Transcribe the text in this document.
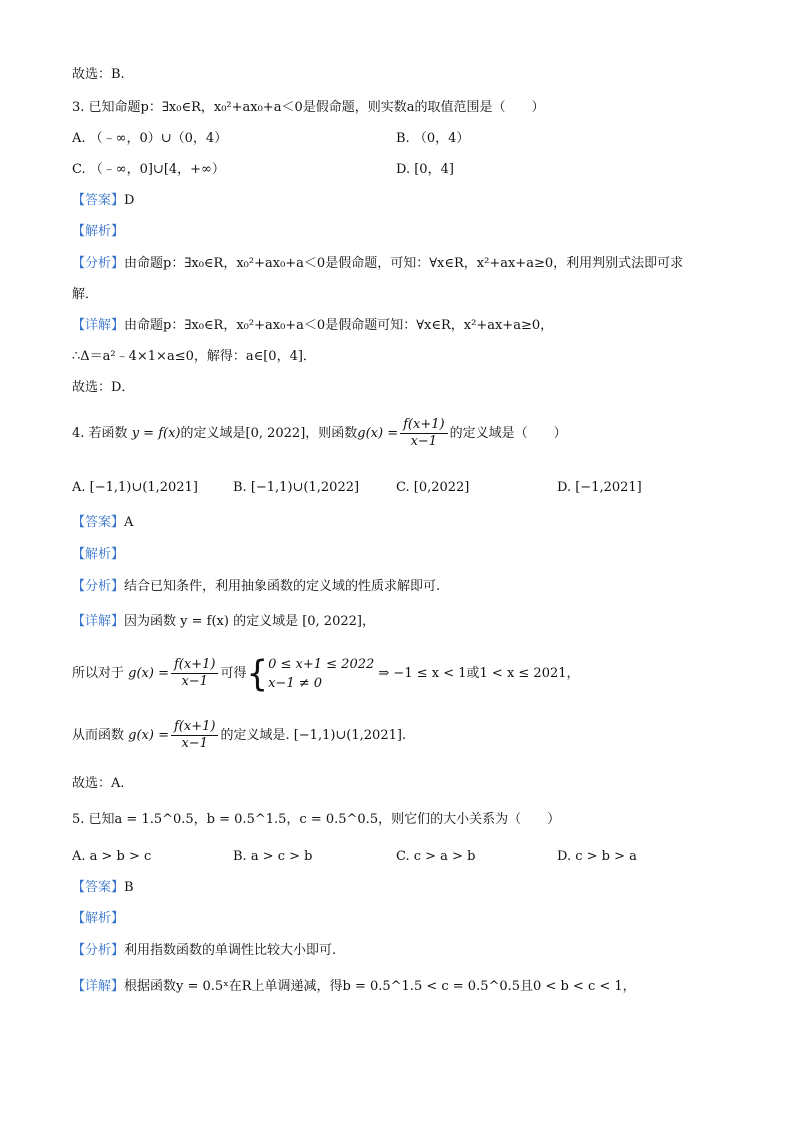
故选：B.
3. 已知命题p：∃x₀∈R，x₀²+ax₀+a＜0是假命题，则实数a的取值范围是（　　）
A. （﹣∞，0）∪（0，4）	B. （0，4）
C. （﹣∞，0]∪[4，+∞）	D. [0，4]
【答案】D
【解析】
【分析】由命题p：∃x₀∈R，x₀²+ax₀+a＜0是假命题，可知：∀x∈R，x²+ax+a≥0，利用判别式法即可求
解．
【详解】由命题p：∃x₀∈R，x₀²+ax₀+a＜0是假命题可知：∀x∈R，x²+ax+a≥0，
∴Δ＝a²﹣4×1×a≤0，解得：a∈[0，4]．
故选：D．
4. 若函数 y = f(x)的定义域是[0, 2022]，则函数$g(x) = \frac{f(x+1)}{x-1}$ 的定义域是（　　）
A. [−1,1)∪(1,2021]	B. [−1,1)∪(1,2022]	C. [0,2022]	D. [−1,2021]
【答案】A
【解析】
【分析】结合已知条件，利用抽象函数的定义域的性质求解即可.
【详解】因为函数 y = f(x) 的定义域是 [0, 2022]，
所以对于 $g(x) = \frac{f(x+1)}{x-1}$ 可得{ 0 ≤ x+1 ≤ 2022
x−1 ≠ 0
⇒ −1 ≤ x < 1或1 < x ≤ 2021，
从而函数 $g(x) = \frac{f(x+1)}{x-1}$ 的定义域是. [−1,1)∪(1,2021].
故选：A.
5. 已知a = 1.5^0.5，b = 0.5^1.5，c = 0.5^0.5，则它们的大小关系为（　　）
A. a > b > c	B. a > c > b	C. c > a > b	D. c > b > a
【答案】B
【解析】
【分析】利用指数函数的单调性比较大小即可.
【详解】根据函数y = 0.5ˣ在R上单调递减，得b = 0.5^1.5 < c = 0.5^0.5且0 < b < c < 1，
